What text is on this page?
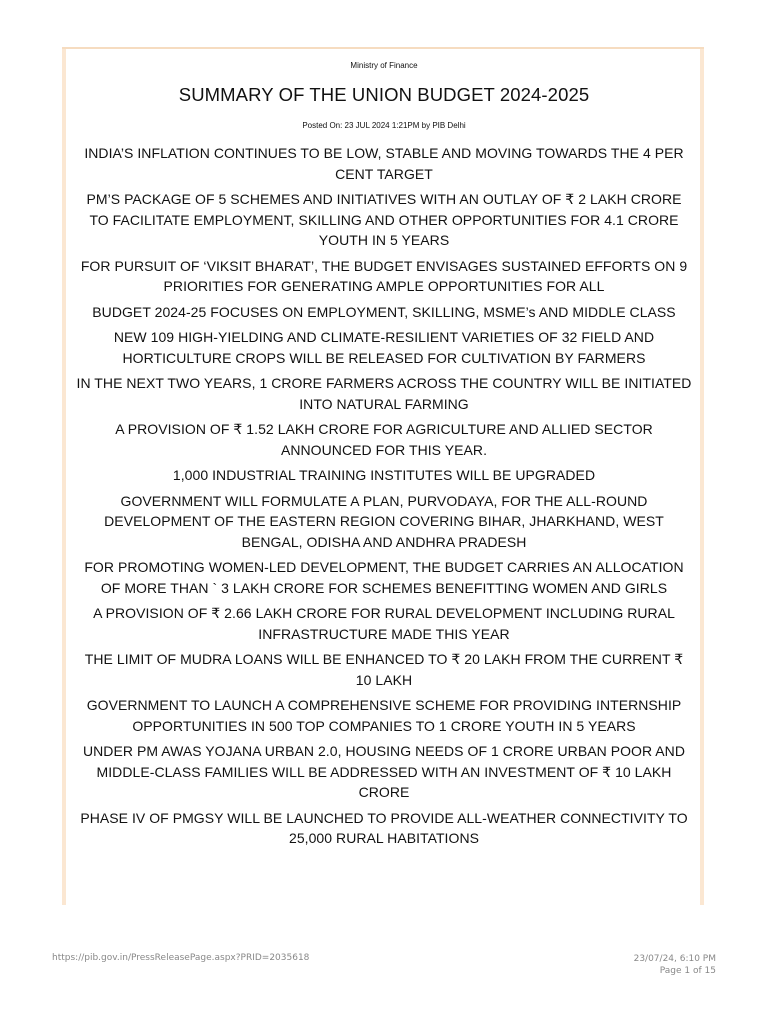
Ministry of Finance
SUMMARY OF THE UNION BUDGET 2024-2025
Posted On: 23 JUL 2024 1:21PM by PIB Delhi

INDIA’S INFLATION CONTINUES TO BE LOW, STABLE AND MOVING TOWARDS THE 4 PER CENT TARGET

PM’S PACKAGE OF 5 SCHEMES AND INITIATIVES WITH AN OUTLAY OF ₹ 2 LAKH CRORE TO FACILITATE EMPLOYMENT, SKILLING AND OTHER OPPORTUNITIES FOR 4.1 CRORE YOUTH IN 5 YEARS

FOR PURSUIT OF ‘VIKSIT BHARAT’, THE BUDGET ENVISAGES SUSTAINED EFFORTS ON 9 PRIORITIES FOR GENERATING AMPLE OPPORTUNITIES FOR ALL

BUDGET 2024-25 FOCUSES ON EMPLOYMENT, SKILLING, MSME’s AND MIDDLE CLASS

NEW 109 HIGH-YIELDING AND CLIMATE-RESILIENT VARIETIES OF 32 FIELD AND HORTICULTURE CROPS WILL BE RELEASED FOR CULTIVATION BY FARMERS

IN THE NEXT TWO YEARS, 1 CRORE FARMERS ACROSS THE COUNTRY WILL BE INITIATED INTO NATURAL FARMING

A PROVISION OF ₹ 1.52 LAKH CRORE FOR AGRICULTURE AND ALLIED SECTOR ANNOUNCED FOR THIS YEAR.

1,000 INDUSTRIAL TRAINING INSTITUTES WILL BE UPGRADED

GOVERNMENT WILL FORMULATE A PLAN, PURVODAYA, FOR THE ALL-ROUND DEVELOPMENT OF THE EASTERN REGION COVERING BIHAR, JHARKHAND, WEST BENGAL, ODISHA AND ANDHRA PRADESH

FOR PROMOTING WOMEN-LED DEVELOPMENT, THE BUDGET CARRIES AN ALLOCATION OF MORE THAN ` 3 LAKH CRORE FOR SCHEMES BENEFITTING WOMEN AND GIRLS

A PROVISION OF ₹ 2.66 LAKH CRORE FOR RURAL DEVELOPMENT INCLUDING RURAL INFRASTRUCTURE MADE THIS YEAR

THE LIMIT OF MUDRA LOANS WILL BE ENHANCED TO ₹ 20 LAKH FROM THE CURRENT ₹ 10 LAKH

GOVERNMENT TO LAUNCH A COMPREHENSIVE SCHEME FOR PROVIDING INTERNSHIP OPPORTUNITIES IN 500 TOP COMPANIES TO 1 CRORE YOUTH IN 5 YEARS

UNDER PM AWAS YOJANA URBAN 2.0, HOUSING NEEDS OF 1 CRORE URBAN POOR AND MIDDLE-CLASS FAMILIES WILL BE ADDRESSED WITH AN INVESTMENT OF ₹ 10 LAKH CRORE

PHASE IV OF PMGSY WILL BE LAUNCHED TO PROVIDE ALL-WEATHER CONNECTIVITY TO 25,000 RURAL HABITATIONS

https://pib.gov.in/PressReleasePage.aspx?PRID=2035618	23/07/24, 6:10 PM
Page 1 of 15
